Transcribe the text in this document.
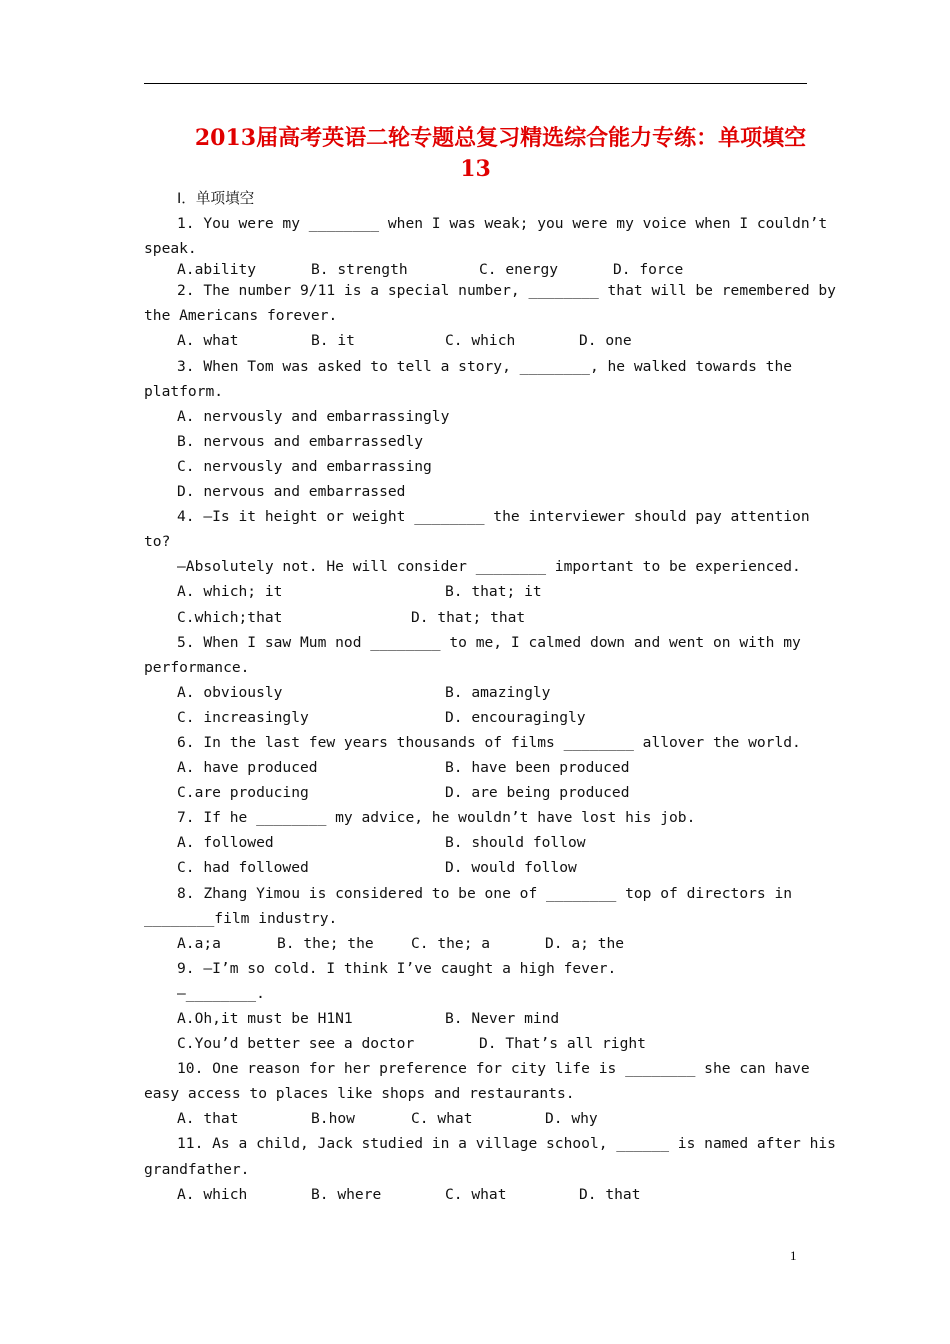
2013届高考英语二轮专题总复习精选综合能力专练：单项填空
13
Ⅰ．单项填空
1. You were my ________ when I was weak; you were my voice when I couldn’t
speak.
A.ability	B. strength	C. energy	D. force
2. The number 9/11 is a special number, ________ that will be remembered by
the Americans forever.
A. what	B. it	C. which	D. one
3. When Tom was asked to tell a story, ________, he walked towards the
platform.
A. nervously and embarrassingly
B. nervous and embarrassedly
C. nervously and embarrassing
D. nervous and embarrassed
4. —Is it height or weight ________ the interviewer should pay attention
to?
—Absolutely not. He will consider ________ important to be experienced.
A. which; it	B. that; it
C.which;that	D. that; that
5. When I saw Mum nod ________ to me, I calmed down and went on with my
performance.
A. obviously	B. amazingly
C. increasingly	D. encouragingly
6. In the last few years thousands of films ________ allover the world.
A. have produced	B. have been produced
C.are producing	D. are being produced
7. If he ________ my advice, he wouldn’t have lost his job.
A. followed	B. should follow
C. had followed	D. would follow
8. Zhang Yimou is considered to be one of ________ top of directors in
________film industry.
A.a;a	B. the; the	C. the; a	D. a; the
9. —I’m so cold. I think I’ve caught a high fever.
—________.
A.Oh,it must be H1N1	B. Never mind
C.You’d better see a doctor	D. That’s all right
10. One reason for her preference for city life is ________ she can have
easy access to places like shops and restaurants.
A. that	B.how	C. what	D. why
11. As a child, Jack studied in a village school, ______ is named after his
grandfather.
A. which	B. where	C. what	D. that
1
